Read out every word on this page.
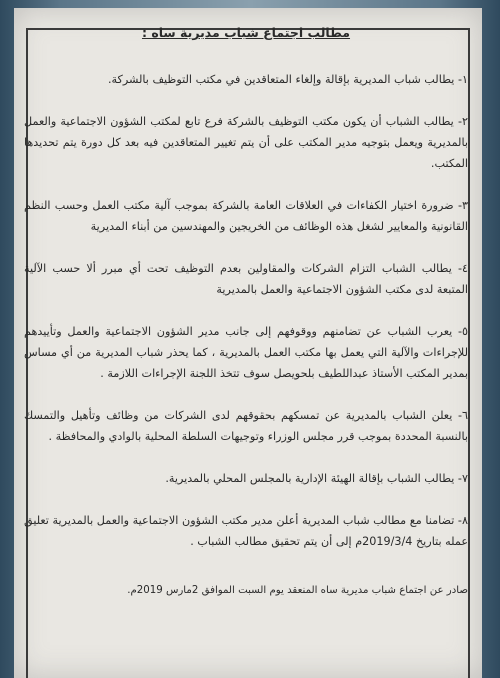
مطالب اجتماع شباب مديرية ساه :
١- يطالب شباب المديرية بإقالة وإلغاء المتعاقدين في مكتب التوظيف بالشركة.
٢- يطالب الشباب أن يكون مكتب التوظيف بالشركة فرع تابع لمكتب الشؤون الاجتماعية والعمل بالمديرية ويعمل بتوجيه مدير المكتب على أن يتم تغيير المتعاقدين فيه بعد كل دورة يتم تحديدها المكتب.
٣- ضرورة اختيار الكفاءات في العلاقات العامة بالشركة بموجب آلية مكتب العمل وحسب النظم القانونية والمعايير لشغل هذه الوظائف من الخريجين والمهندسين من أبناء المديرية
٤- يطالب الشباب التزام الشركات والمقاولين بعدم التوظيف تحت أي مبرر ألا حسب الآلية المتبعة لدى مكتب الشؤون الاجتماعية والعمل بالمديرية
٥- يعرب الشباب عن تضامنهم ووقوفهم إلى جانب مدير الشؤون الاجتماعية والعمل وتأييدهم للإجراءات والآلية التي يعمل بها مكتب العمل بالمديرية ، كما يحذر شباب المديرية من أي مساس بمدير المكتب الأستاذ عبداللطيف بلحويصل سوف تتخذ اللجنة الإجراءات اللازمة .
٦- يعلن الشباب بالمديرية عن تمسكهم بحقوقهم لدى الشركات من وظائف وتأهيل والتمسك بالنسبة المحددة بموجب قرر مجلس الوزراء وتوجيهات السلطة المحلية بالوادي والمحافظة .
٧- يطالب الشباب بإقالة الهيئة الإدارية بالمجلس المحلي بالمديرية.
٨- تضامنا مع مطالب شباب المديرية أعلن مدير مكتب الشؤون الاجتماعية والعمل بالمديرية تعليق عمله بتاريخ 2019/3/4م إلى أن يتم تحقيق مطالب الشباب .
صادر عن اجتماع شباب مديرية ساه المنعقد يوم السبت الموافق 2مارس 2019م.
